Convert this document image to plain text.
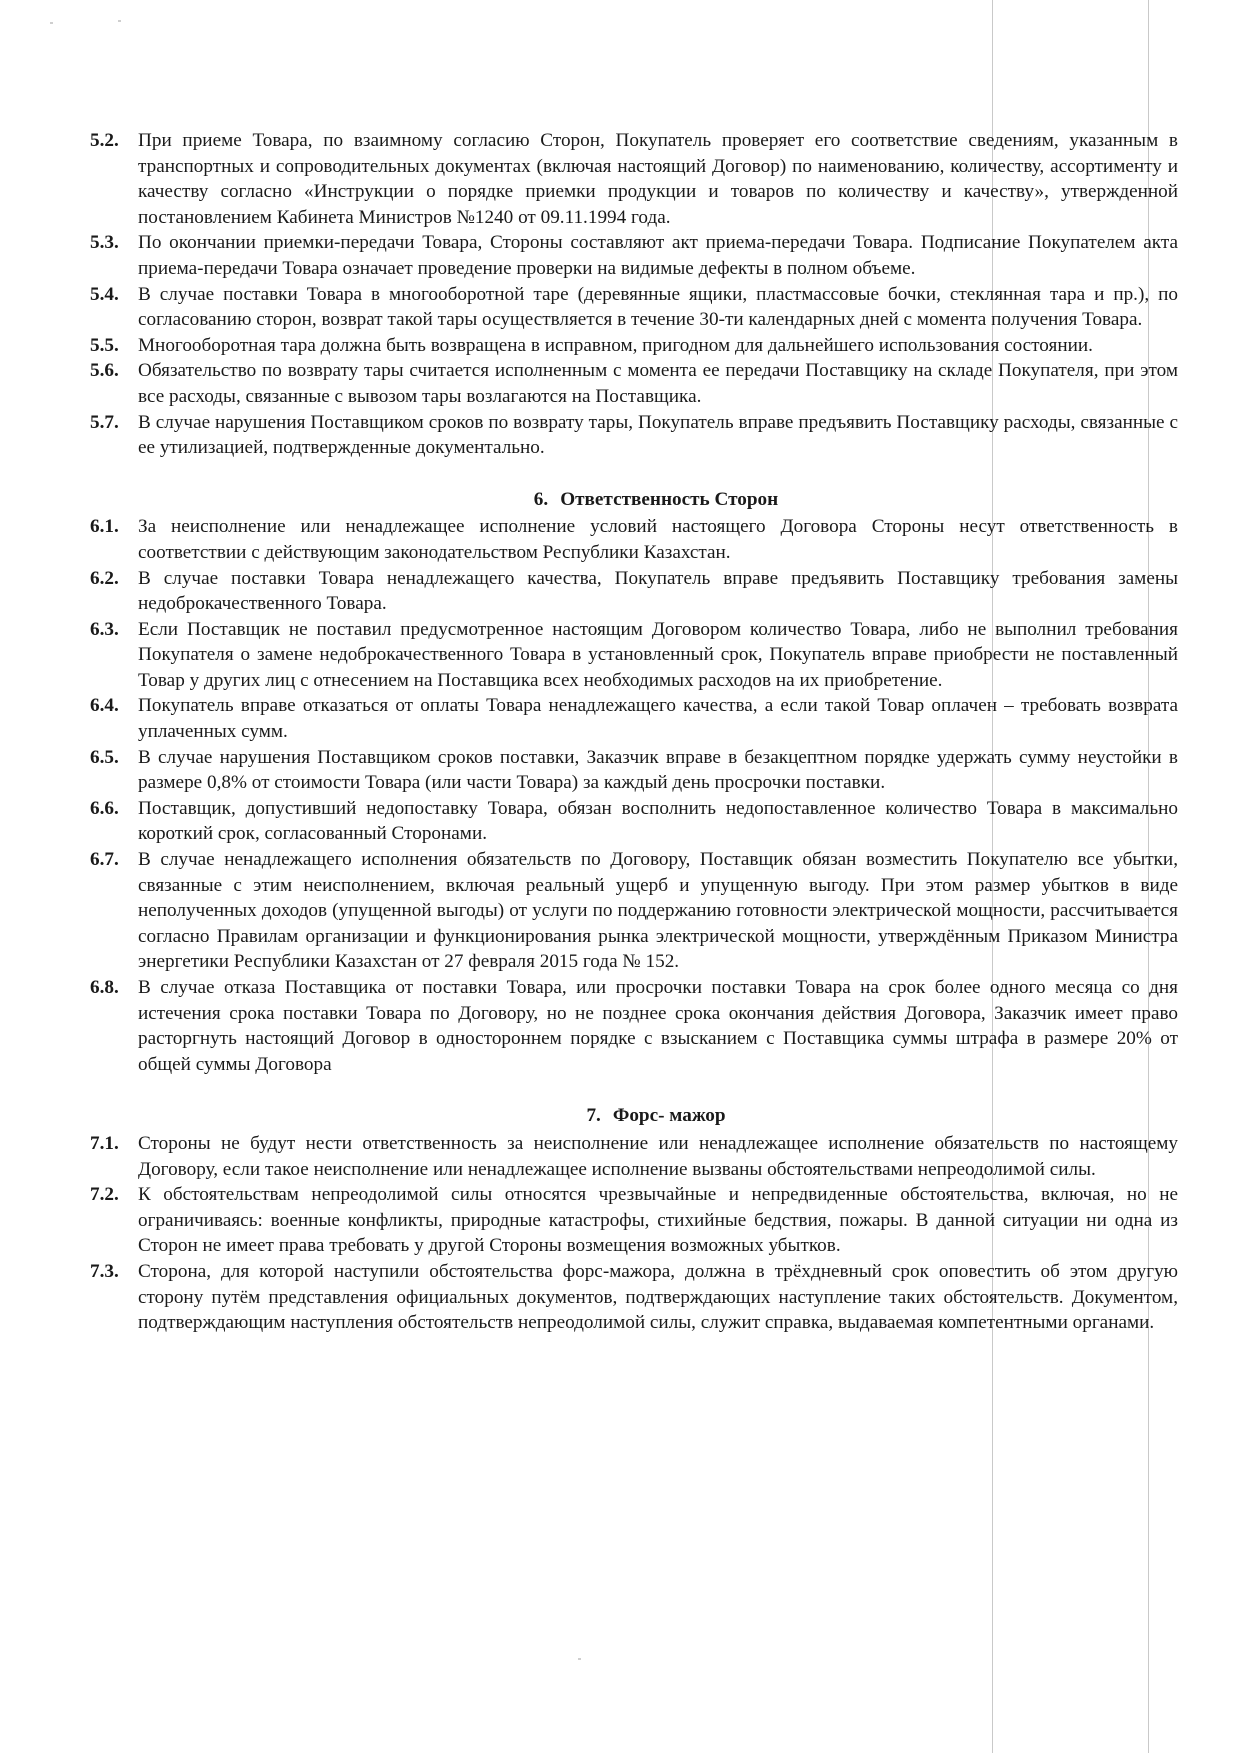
5.2.	При приеме Товара, по взаимному согласию Сторон, Покупатель проверяет его соответствие сведениям, указанным в транспортных и сопроводительных документах (включая настоящий Договор) по наименованию, количеству, ассортименту и качеству согласно «Инструкции о порядке приемки продукции и товаров по количеству и качеству», утвержденной постановлением Кабинета Министров №1240 от 09.11.1994 года.
5.3.	По окончании приемки-передачи Товара, Стороны составляют акт приема-передачи Товара. Подписание Покупателем акта приема-передачи Товара означает проведение проверки на видимые дефекты в полном объеме.
5.4.	В случае поставки Товара в многооборотной таре (деревянные ящики, пластмассовые бочки, стеклянная тара и пр.), по согласованию сторон, возврат такой тары осуществляется в течение 30-ти календарных дней с момента получения Товара.
5.5.	Многооборотная тара должна быть возвращена в исправном, пригодном для дальнейшего использования состоянии.
5.6.	Обязательство по возврату тары считается исполненным с момента ее передачи Поставщику на складе Покупателя, при этом все расходы, связанные с вывозом тары возлагаются на Поставщика.
5.7.	В случае нарушения Поставщиком сроков по возврату тары, Покупатель вправе предъявить Поставщику расходы, связанные с ее утилизацией, подтвержденные документально.
6. Ответственность Сторон
6.1.	За неисполнение или ненадлежащее исполнение условий настоящего Договора Стороны несут ответственность в соответствии с действующим законодательством Республики Казахстан.
6.2.	В случае поставки Товара ненадлежащего качества, Покупатель вправе предъявить Поставщику требования замены недоброкачественного Товара.
6.3.	Если Поставщик не поставил предусмотренное настоящим Договором количество Товара, либо не выполнил требования Покупателя о замене недоброкачественного Товара в установленный срок, Покупатель вправе приобрести не поставленный Товар у других лиц с отнесением на Поставщика всех необходимых расходов на их приобретение.
6.4.	Покупатель вправе отказаться от оплаты Товара ненадлежащего качества, а если такой Товар оплачен – требовать возврата уплаченных сумм.
6.5.	В случае нарушения Поставщиком сроков поставки, Заказчик вправе в безакцептном порядке удержать сумму неустойки в размере 0,8% от стоимости Товара (или части Товара) за каждый день просрочки поставки.
6.6.	Поставщик, допустивший недопоставку Товара, обязан восполнить недопоставленное количество Товара в максимально короткий срок, согласованный Сторонами.
6.7.	В случае ненадлежащего исполнения обязательств по Договору, Поставщик обязан возместить Покупателю все убытки, связанные с этим неисполнением, включая реальный ущерб и упущенную выгоду. При этом размер убытков в виде неполученных доходов (упущенной выгоды) от услуги по поддержанию готовности электрической мощности, рассчитывается согласно Правилам организации и функционирования рынка электрической мощности, утверждённым Приказом Министра энергетики Республики Казахстан от 27 февраля 2015 года № 152.
6.8.	В случае отказа Поставщика от поставки Товара, или просрочки поставки Товара на срок более одного месяца со дня истечения срока поставки Товара по Договору, но не позднее срока окончания действия Договора, Заказчик имеет право расторгнуть настоящий Договор в одностороннем порядке с взысканием с Поставщика суммы штрафа в размере 20% от общей суммы Договора
7. Форс- мажор
7.1.	Стороны не будут нести ответственность за неисполнение или ненадлежащее исполнение обязательств по настоящему Договору, если такое неисполнение или ненадлежащее исполнение вызваны обстоятельствами непреодолимой силы.
7.2.	К обстоятельствам непреодолимой силы относятся чрезвычайные и непредвиденные обстоятельства, включая, но не ограничиваясь: военные конфликты, природные катастрофы, стихийные бедствия, пожары. В данной ситуации ни одна из Сторон не имеет права требовать у другой Стороны возмещения возможных убытков.
7.3.	Сторона, для которой наступили обстоятельства форс-мажора, должна в трёхдневный срок оповестить об этом другую сторону путём представления официальных документов, подтверждающих наступление таких обстоятельств. Документом, подтверждающим наступления обстоятельств непреодолимой силы, служит справка, выдаваемая компетентными органами.
